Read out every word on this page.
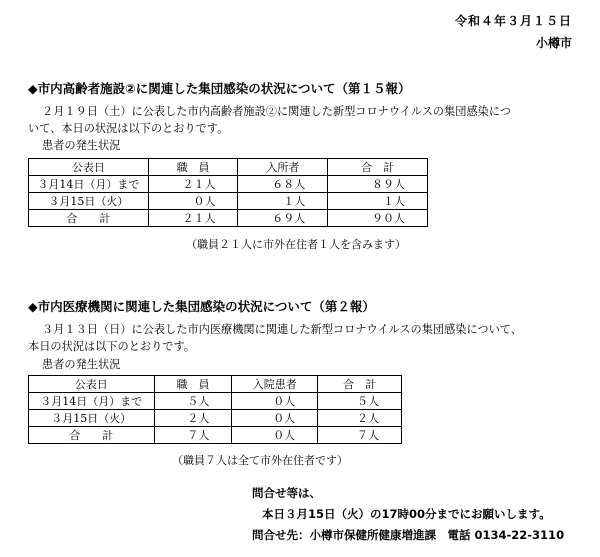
令和４年３月１５日
小樽市
◆市内高齢者施設②に関連した集団感染の状況について（第１５報）
２月１９日（土）に公表した市内高齢者施設②に関連した新型コロナウイルスの集団感染につ
いて、本日の状況は以下のとおりです。
患者の発生状況
公表日	職　員	入所者	合　計
３月14日（月）まで	２１人	６８人	８９人
３月15日（火）	０人	１人	１人
合　　計	２１人	６９人	９０人
（職員２１人に市外在住者１人を含みます）
◆市内医療機関に関連した集団感染の状況について（第２報）
３月１３日（日）に公表した市内医療機関に関連した新型コロナウイルスの集団感染について、
本日の状況は以下のとおりです。
患者の発生状況
公表日	職　員	入院患者	合　計
３月14日（月）まで	５人	０人	５人
３月15日（火）	２人	０人	２人
合　　計	７人	０人	７人
（職員７人は全て市外在住者です）
問合せ等は、
本日３月15日（火）の17時00分までにお願いします。
問合せ先：小樽市保健所健康増進課　電話 0134-22-3110
